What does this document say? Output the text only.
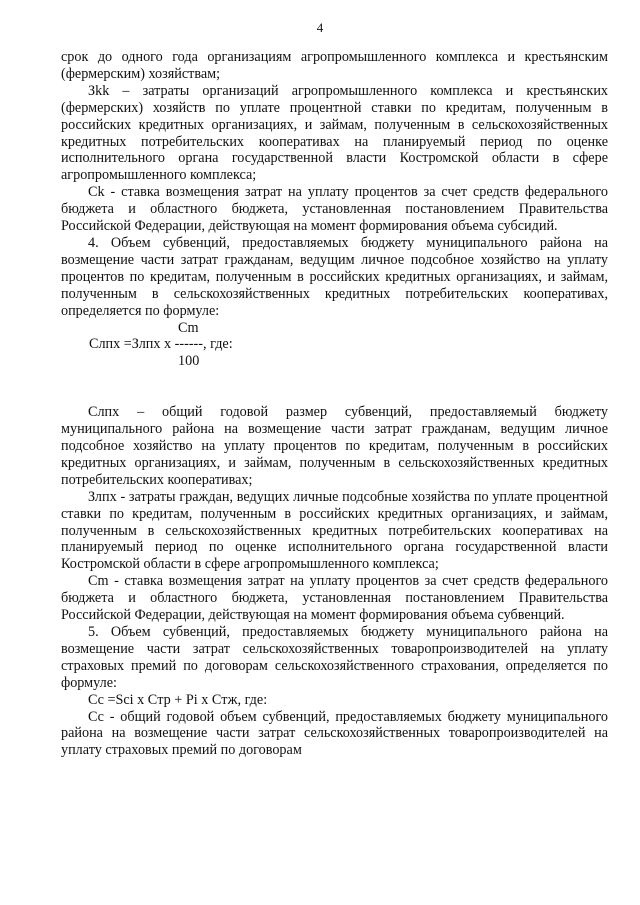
4

срок до одного года организациям агропромышленного комплекса и крестьянским (фермерским) хозяйствам;

Зkk – затраты организаций агропромышленного комплекса и крестьянских (фермерских) хозяйств по уплате процентной ставки по кредитам, полученным в российских кредитных организациях, и займам, полученным в сельскохозяйственных кредитных потребительских кооперативах на планируемый период по оценке исполнительного органа государственной власти Костромской области в сфере агропромышленного комплекса;

Ck - ставка возмещения затрат на уплату процентов за счет средств федерального бюджета и областного бюджета, установленная постановлением Правительства Российской Федерации, действующая на момент формирования объема субсидий.

4. Объем субвенций, предоставляемых бюджету муниципального района на возмещение части затрат гражданам, ведущим личное подсобное хозяйство на уплату процентов по кредитам, полученным в российских кредитных организациях, и займам, полученным в сельскохозяйственных кредитных потребительских кооперативах, определяется по формуле:

Cm
Слпх =Злпх х ------, где:
100

Слпх – общий годовой размер субвенций, предоставляемый бюджету муниципального района на возмещение части затрат гражданам, ведущим личное подсобное хозяйство на уплату процентов по кредитам, полученным в российских кредитных организациях, и займам, полученным в сельскохозяйственных кредитных потребительских кооперативах;

Злпх - затраты граждан, ведущих личные подсобные хозяйства по уплате процентной ставки по кредитам, полученным в российских кредитных организациях, и займам, полученным в сельскохозяйственных кредитных потребительских кооперативах на планируемый период по оценке исполнительного органа государственной власти Костромской области в сфере агропромышленного комплекса;

Cm - ставка возмещения затрат на уплату процентов за счет средств федерального бюджета и областного бюджета, установленная постановлением Правительства Российской Федерации, действующая на момент формирования объема субвенций.

5. Объем субвенций, предоставляемых бюджету муниципального района на возмещение части затрат сельскохозяйственных товаропроизводителей на уплату страховых премий по договорам сельскохозяйственного страхования, определяется по формуле:

Сс =Sci x Cтр + Pi x Cтж, где:

Сс - общий годовой объем субвенций, предоставляемых бюджету муниципального района на возмещение части затрат сельскохозяйственных товаропроизводителей на уплату страховых премий по договорам
